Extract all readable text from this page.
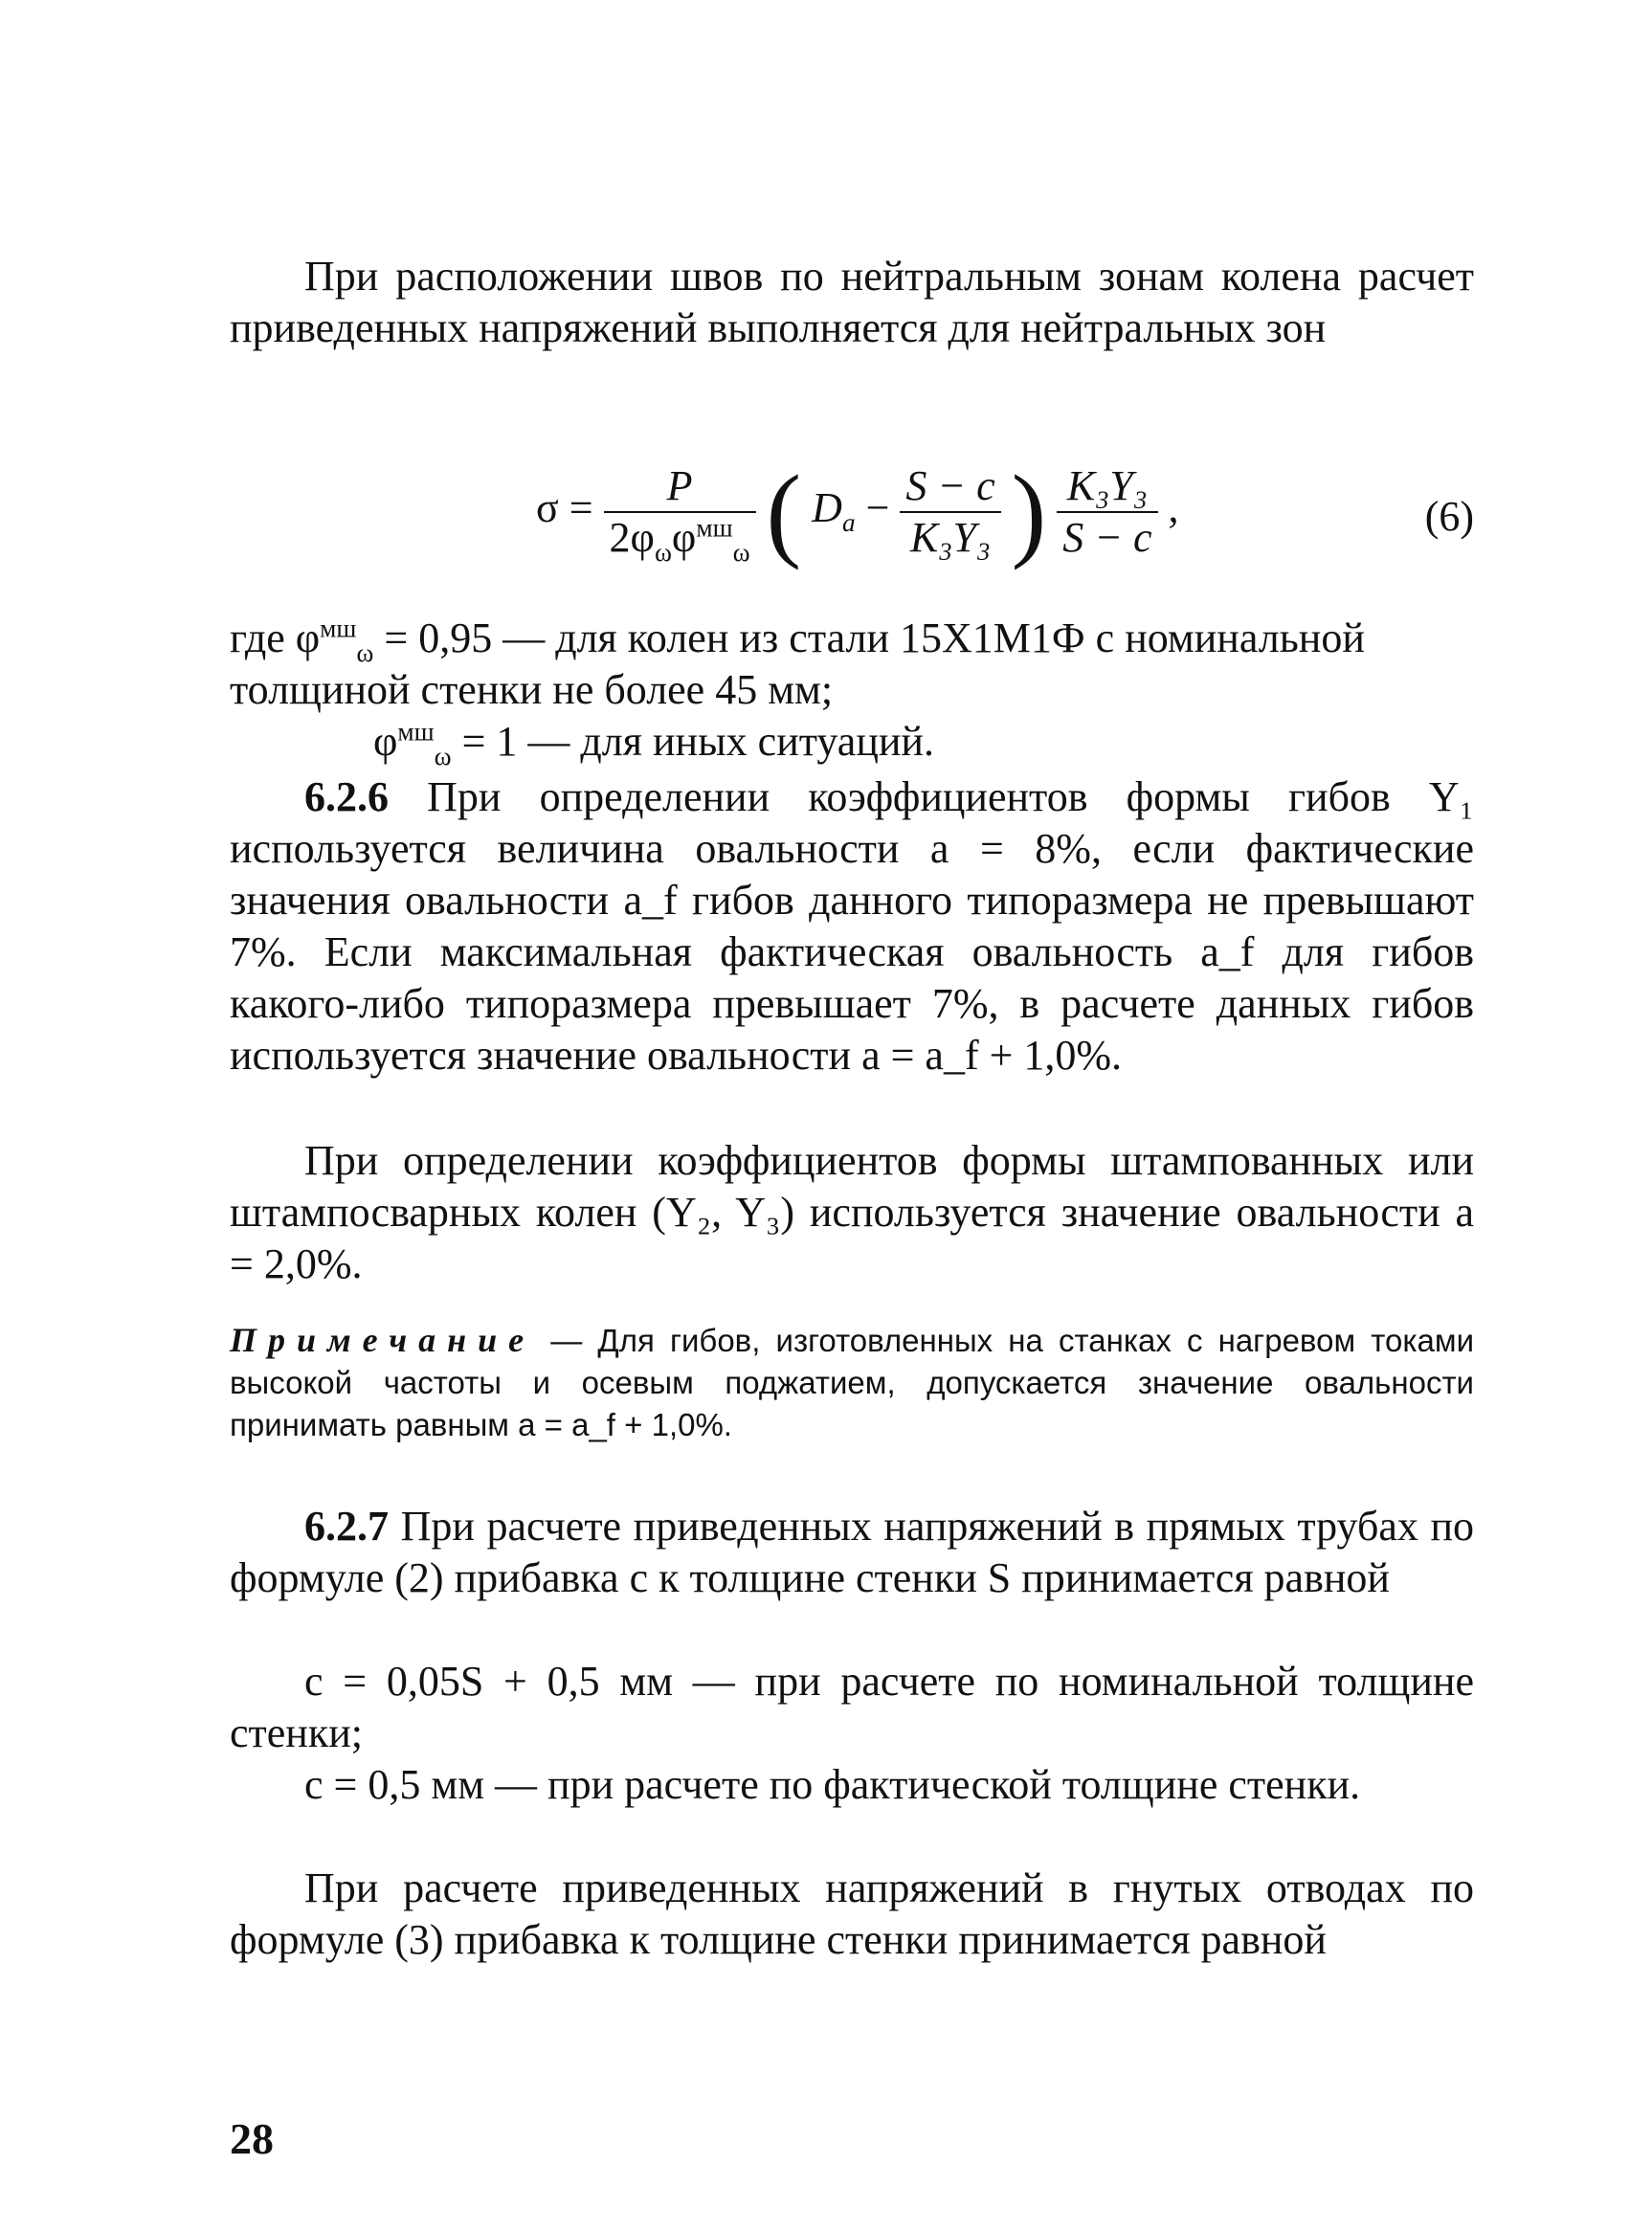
При расположении швов по нейтральным зонам колена расчет приведенных напряжений выполняется для нейтральных зон

$\sigma = \frac{P}{2\varphi_\omega\varphi^{мш}_\omega}$ ( $D_a - \frac{S - c}{\text{K₃Y₃}}$ ) $\frac{\text{K₃Y₃}}{S - c}$ ,	(6)
где $\varphi^{мш}_\omega = 0,95$ — для колен из стали 15Х1М1Ф с номинальной толщиной стенки не более 45 мм;
$\varphi^{мш}_\omega = 1$ — для иных ситуаций.

6.2.6 При определении коэффициентов формы гибов Y₁ используется величина овальности a = 8%, если фактические значения овальности a_f гибов данного типоразмера не превышают 7%. Если максимальная фактическая овальность a_f для гибов какого-либо типоразмера превышает 7%, в расчете данных гибов используется значение овальности a = a_f + 1,0%.

При определении коэффициентов формы штампованных или штампосварных колен (Y₂, Y₃) используется значение овальности a = 2,0%.

Примечание — Для гибов, изготовленных на станках с нагревом токами высокой частоты и осевым поджатием, допускается значение овальности принимать равным a = a_f + 1,0%.

6.2.7 При расчете приведенных напряжений в прямых трубах по формуле (2) прибавка c к толщине стенки S принимается равной

c = 0,05S + 0,5 мм — при расчете по номинальной толщине стенки;

c = 0,5 мм — при расчете по фактической толщине стенки.

При расчете приведенных напряжений в гнутых отводах по формуле (3) прибавка к толщине стенки принимается равной

28
